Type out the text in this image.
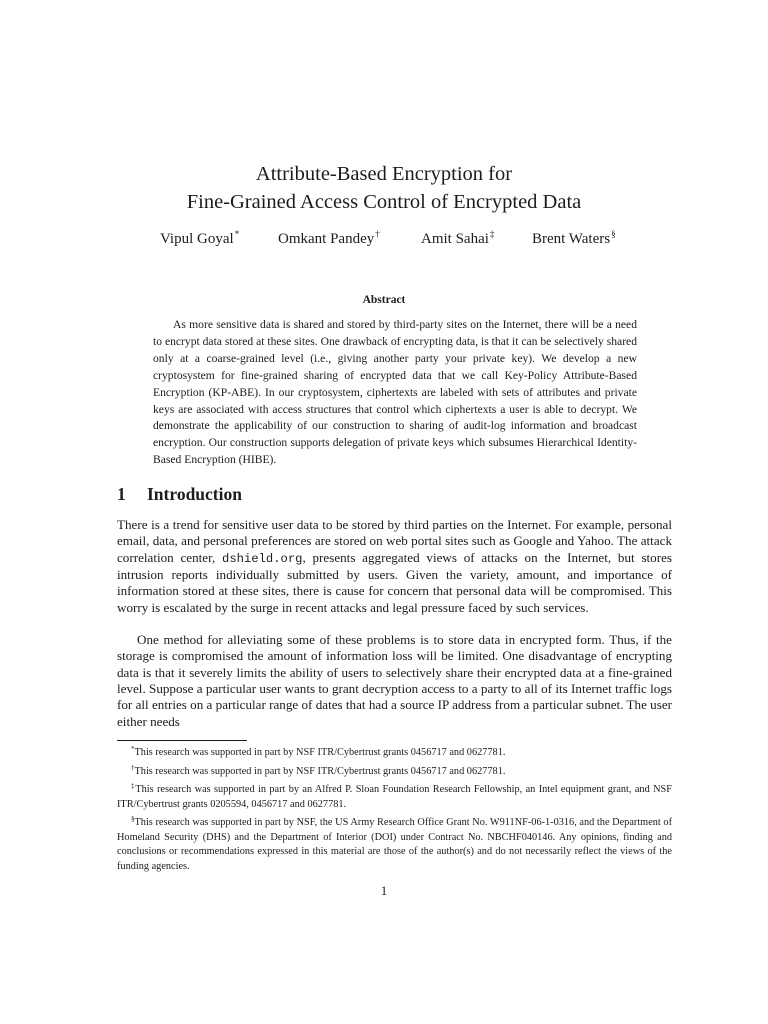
Attribute-Based Encryption for
Fine-Grained Access Control of Encrypted Data
Vipul Goyal*	Omkant Pandey†	Amit Sahai‡	Brent Waters§
Abstract

As more sensitive data is shared and stored by third-party sites on the Internet, there will be a need to encrypt data stored at these sites. One drawback of encrypting data, is that it can be selectively shared only at a coarse-grained level (i.e., giving another party your private key). We develop a new cryptosystem for fine-grained sharing of encrypted data that we call Key-Policy Attribute-Based Encryption (KP-ABE). In our cryptosystem, ciphertexts are labeled with sets of attributes and private keys are associated with access structures that control which ciphertexts a user is able to decrypt. We demonstrate the applicability of our construction to sharing of audit-log information and broadcast encryption. Our construction supports delegation of private keys which subsumes Hierarchical Identity-Based Encryption (HIBE).

1 Introduction

There is a trend for sensitive user data to be stored by third parties on the Internet. For example, personal email, data, and personal preferences are stored on web portal sites such as Google and Yahoo. The attack correlation center, dshield.org, presents aggregated views of attacks on the Internet, but stores intrusion reports individually submitted by users. Given the variety, amount, and importance of information stored at these sites, there is cause for concern that personal data will be compromised. This worry is escalated by the surge in recent attacks and legal pressure faced by such services.

One method for alleviating some of these problems is to store data in encrypted form. Thus, if the storage is compromised the amount of information loss will be limited. One disadvantage of encrypting data is that it severely limits the ability of users to selectively share their encrypted data at a fine-grained level. Suppose a particular user wants to grant decryption access to a party to all of its Internet traffic logs for all entries on a particular range of dates that had a source IP address from a particular subnet. The user either needs

*This research was supported in part by NSF ITR/Cybertrust grants 0456717 and 0627781.

†This research was supported in part by NSF ITR/Cybertrust grants 0456717 and 0627781.

‡This research was supported in part by an Alfred P. Sloan Foundation Research Fellowship, an Intel equipment grant, and NSF ITR/Cybertrust grants 0205594, 0456717 and 0627781.

§This research was supported in part by NSF, the US Army Research Office Grant No. W911NF-06-1-0316, and the Department of Homeland Security (DHS) and the Department of Interior (DOI) under Contract No. NBCHF040146. Any opinions, finding and conclusions or recommendations expressed in this material are those of the author(s) and do not necessarily reflect the views of the funding agencies.

1
